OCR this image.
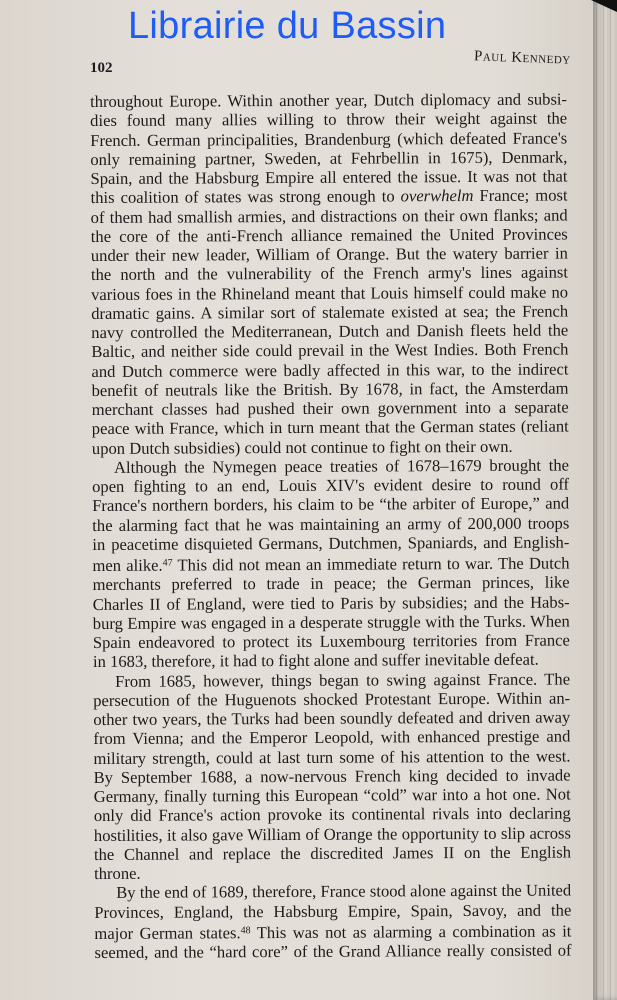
Librairie du Bassin
102
Paul Kennedy
throughout Europe. Within another year, Dutch diplomacy and subsi-
dies found many allies willing to throw their weight against the
French. German principalities, Brandenburg (which defeated France's
only remaining partner, Sweden, at Fehrbellin in 1675), Denmark,
Spain, and the Habsburg Empire all entered the issue. It was not that
this coalition of states was strong enough to overwhelm France; most
of them had smallish armies, and distractions on their own flanks; and
the core of the anti-French alliance remained the United Provinces
under their new leader, William of Orange. But the watery barrier in
the north and the vulnerability of the French army's lines against
various foes in the Rhineland meant that Louis himself could make no
dramatic gains. A similar sort of stalemate existed at sea; the French
navy controlled the Mediterranean, Dutch and Danish fleets held the
Baltic, and neither side could prevail in the West Indies. Both French
and Dutch commerce were badly affected in this war, to the indirect
benefit of neutrals like the British. By 1678, in fact, the Amsterdam
merchant classes had pushed their own government into a separate
peace with France, which in turn meant that the German states (reliant
upon Dutch subsidies) could not continue to fight on their own.
Although the Nymegen peace treaties of 1678–1679 brought the
open fighting to an end, Louis XIV's evident desire to round off
France's northern borders, his claim to be “the arbiter of Europe,” and
the alarming fact that he was maintaining an army of 200,000 troops
in peacetime disquieted Germans, Dutchmen, Spaniards, and English-
men alike.$^{47}$ This did not mean an immediate return to war. The Dutch
merchants preferred to trade in peace; the German princes, like
Charles II of England, were tied to Paris by subsidies; and the Habs-
burg Empire was engaged in a desperate struggle with the Turks. When
Spain endeavored to protect its Luxembourg territories from France
in 1683, therefore, it had to fight alone and suffer inevitable defeat.
From 1685, however, things began to swing against France. The
persecution of the Huguenots shocked Protestant Europe. Within an-
other two years, the Turks had been soundly defeated and driven away
from Vienna; and the Emperor Leopold, with enhanced prestige and
military strength, could at last turn some of his attention to the west.
By September 1688, a now-nervous French king decided to invade
Germany, finally turning this European “cold” war into a hot one. Not
only did France's action provoke its continental rivals into declaring
hostilities, it also gave William of Orange the opportunity to slip across
the Channel and replace the discredited James II on the English
throne.
By the end of 1689, therefore, France stood alone against the United
Provinces, England, the Habsburg Empire, Spain, Savoy, and the
major German states.$^{48}$ This was not as alarming a combination as it
seemed, and the “hard core” of the Grand Alliance really consisted of
